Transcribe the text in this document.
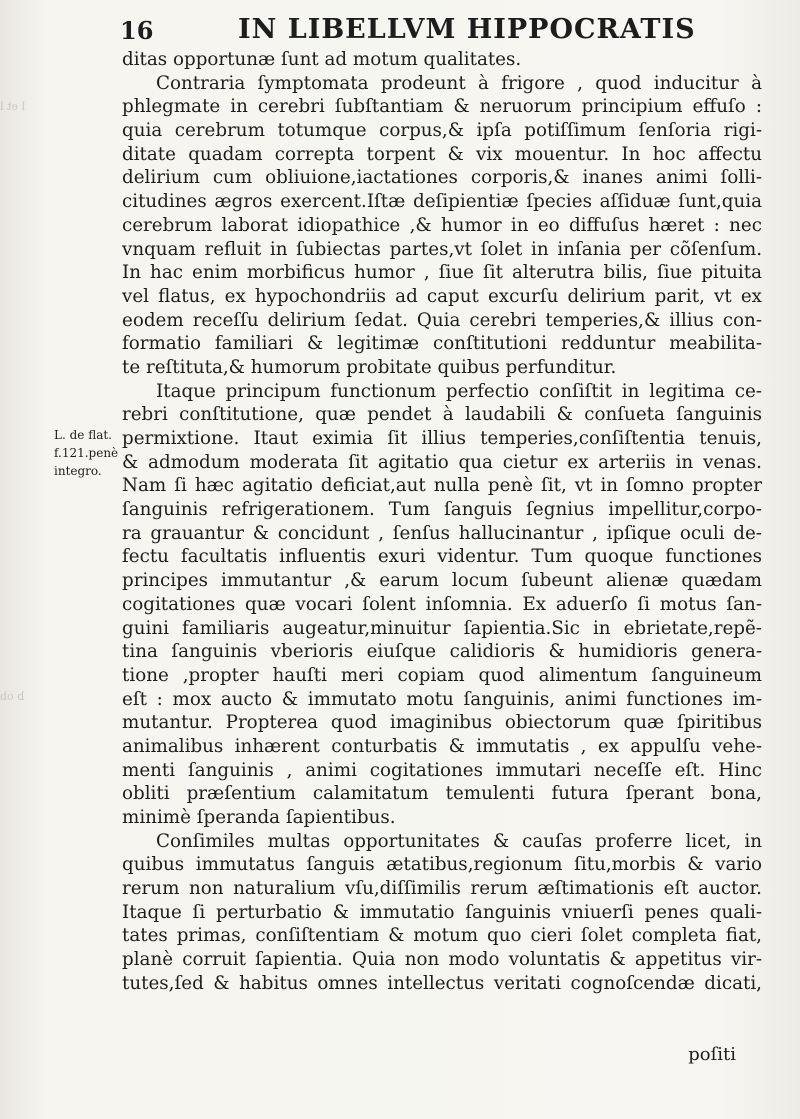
l et l
b ob
16	IN LIBELLVM HIPPOCRATIS
L. de flat.
f.121.penè
integro.
ditas opportunæ ſunt ad motum qualitates.
Contraria ſymptomata prodeunt à frigore , quod inducitur à
phlegmate in cerebri ſubſtantiam & neruorum principium effuſo :
quia cerebrum totumque corpus,& ipſa potiſſimum ſenſoria rigi-
ditate quadam correpta torpent & vix mouentur. In hoc affectu
delirium cum obliuione,iactationes corporis,& inanes animi ſolli-
citudines ægros exercent.Iſtæ deſipientiæ ſpecies aſſiduæ ſunt,quia
cerebrum laborat idiopathice ,& humor in eo diffuſus hæret : nec
vnquam refluit in ſubiectas partes,vt ſolet in inſania per cõſenſum.
In hac enim morbificus humor , ſiue ſit alterutra bilis, ſiue pituita
vel flatus, ex hypochondriis ad caput excurſu delirium parit, vt ex
eodem receſſu delirium ſedat. Quia cerebri temperies,& illius con-
formatio familiari & legitimæ conſtitutioni redduntur meabilita-
te reſtituta,& humorum probitate quibus perfunditur.
Itaque principum functionum perfectio conſiſtit in legitima ce-
rebri conſtitutione, quæ pendet à laudabili & conſueta ſanguinis
permixtione. Itaut eximia ſit illius temperies,conſiſtentia tenuis,
& admodum moderata ſit agitatio qua cietur ex arteriis in venas.
Nam ſi hæc agitatio deficiat,aut nulla penè ſit, vt in ſomno propter
ſanguinis refrigerationem. Tum ſanguis ſegnius impellitur,corpo-
ra grauantur & concidunt , ſenſus hallucinantur , ipſique oculi de-
fectu facultatis influentis exuri videntur. Tum quoque functiones
principes immutantur ,& earum locum ſubeunt alienæ quædam
cogitationes quæ vocari ſolent inſomnia. Ex aduerſo ſi motus ſan-
guini familiaris augeatur,minuitur ſapientia.Sic in ebrietate,repẽ-
tina ſanguinis vberioris eiuſque calidioris & humidioris genera-
tione ,propter hauſti meri copiam quod alimentum ſanguineum
eſt : mox aucto & immutato motu ſanguinis, animi functiones im-
mutantur. Propterea quod imaginibus obiectorum quæ ſpiritibus
animalibus inhærent conturbatis & immutatis , ex appulſu vehe-
menti ſanguinis , animi cogitationes immutari neceſſe eſt. Hinc
obliti præſentium calamitatum temulenti futura ſperant bona,
minimè ſperanda ſapientibus.
Conſimiles multas opportunitates & cauſas proferre licet, in
quibus immutatus ſanguis ætatibus,regionum ſitu,morbis & vario
rerum non naturalium vſu,diſſimilis rerum æſtimationis eſt auctor.
Itaque ſi perturbatio & immutatio ſanguinis vniuerſi penes quali-
tates primas, conſiſtentiam & motum quo cieri ſolet completa fiat,
planè corruit ſapientia. Quia non modo voluntatis & appetitus vir-
tutes,ſed & habitus omnes intellectus veritati cognoſcendæ dicati,
poſiti
